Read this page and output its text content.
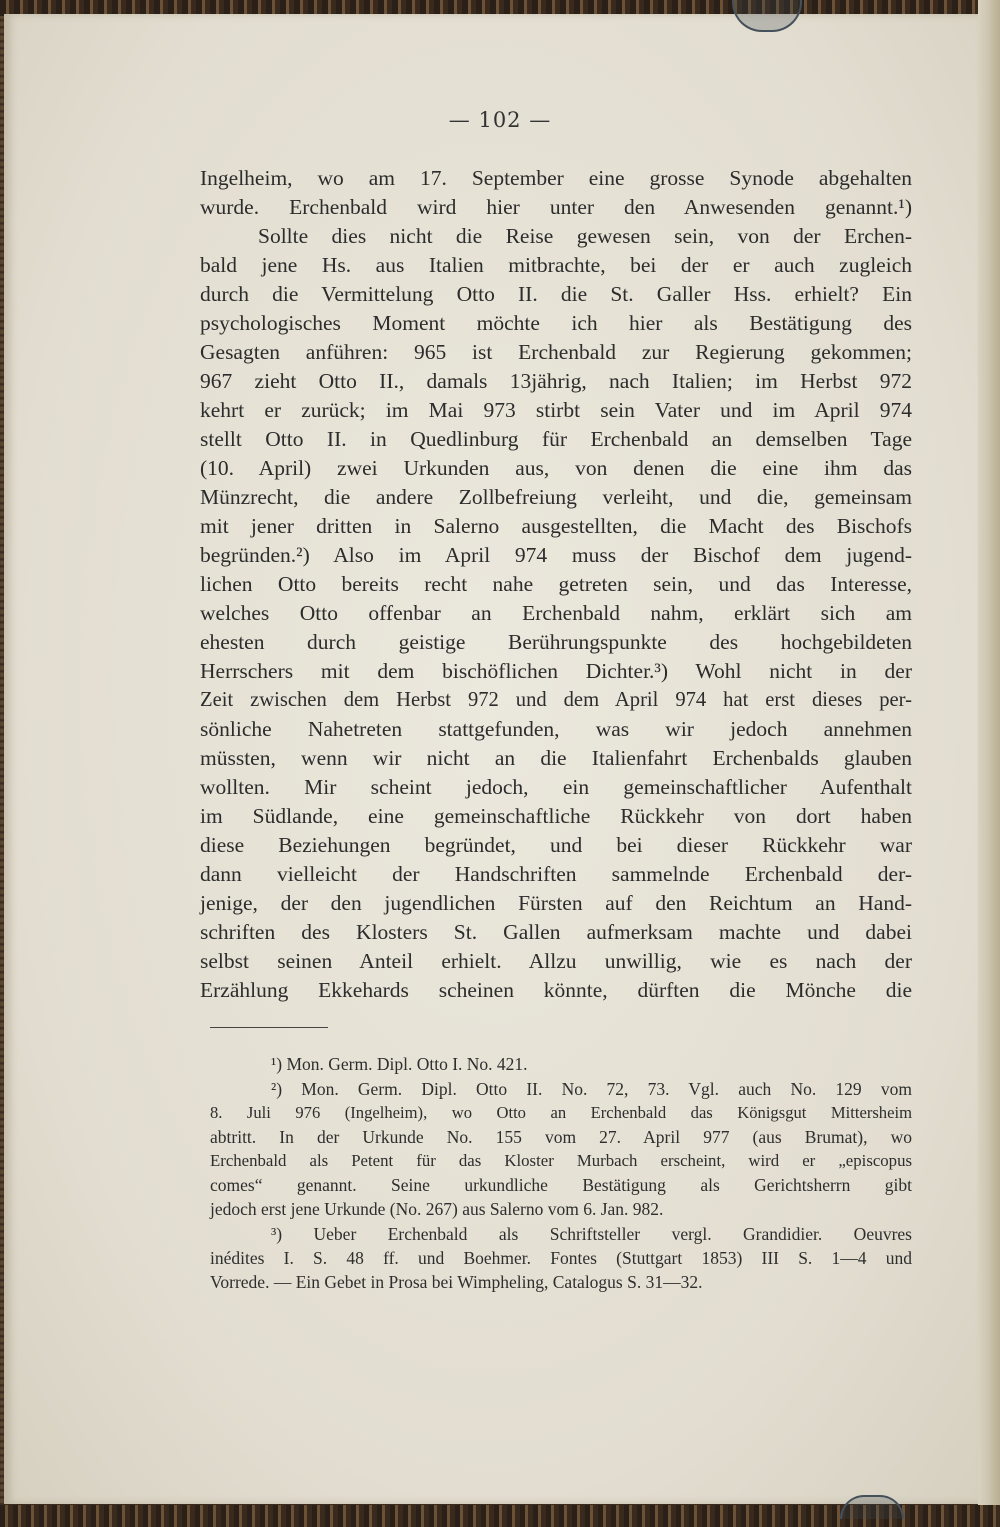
— 102 —
Ingelheim, wo am 17. September eine grosse Synode abgehalten
wurde. Erchenbald wird hier unter den Anwesenden genannt.¹)
Sollte dies nicht die Reise gewesen sein, von der Erchen-
bald jene Hs. aus Italien mitbrachte, bei der er auch zugleich
durch die Vermittelung Otto II. die St. Galler Hss. erhielt? Ein
psychologisches Moment möchte ich hier als Bestätigung des
Gesagten anführen: 965 ist Erchenbald zur Regierung gekommen;
967 zieht Otto II., damals 13jährig, nach Italien; im Herbst 972
kehrt er zurück; im Mai 973 stirbt sein Vater und im April 974
stellt Otto II. in Quedlinburg für Erchenbald an demselben Tage
(10. April) zwei Urkunden aus, von denen die eine ihm das
Münzrecht, die andere Zollbefreiung verleiht, und die, gemeinsam
mit jener dritten in Salerno ausgestellten, die Macht des Bischofs
begründen.²) Also im April 974 muss der Bischof dem jugend-
lichen Otto bereits recht nahe getreten sein, und das Interesse,
welches Otto offenbar an Erchenbald nahm, erklärt sich am
ehesten durch geistige Berührungspunkte des hochgebildeten
Herrschers mit dem bischöflichen Dichter.³) Wohl nicht in der
Zeit zwischen dem Herbst 972 und dem April 974 hat erst dieses per-
sönliche Nahetreten stattgefunden, was wir jedoch annehmen
müssten, wenn wir nicht an die Italienfahrt Erchenbalds glauben
wollten. Mir scheint jedoch, ein gemeinschaftlicher Aufenthalt
im Südlande, eine gemeinschaftliche Rückkehr von dort haben
diese Beziehungen begründet, und bei dieser Rückkehr war
dann vielleicht der Handschriften sammelnde Erchenbald der-
jenige, der den jugendlichen Fürsten auf den Reichtum an Hand-
schriften des Klosters St. Gallen aufmerksam machte und dabei
selbst seinen Anteil erhielt. Allzu unwillig, wie es nach der
Erzählung Ekkehards scheinen könnte, dürften die Mönche die
¹) Mon. Germ. Dipl. Otto I. No. 421.
²) Mon. Germ. Dipl. Otto II. No. 72, 73. Vgl. auch No. 129 vom
8. Juli 976 (Ingelheim), wo Otto an Erchenbald das Königsgut Mittersheim
abtritt. In der Urkunde No. 155 vom 27. April 977 (aus Brumat), wo
Erchenbald als Petent für das Kloster Murbach erscheint, wird er „episcopus
comes“ genannt. Seine urkundliche Bestätigung als Gerichtsherrn gibt
jedoch erst jene Urkunde (No. 267) aus Salerno vom 6. Jan. 982.
³) Ueber Erchenbald als Schriftsteller vergl. Grandidier. Oeuvres
inédites I. S. 48 ff. und Boehmer. Fontes (Stuttgart 1853) III S. 1—4 und
Vorrede. — Ein Gebet in Prosa bei Wimpheling, Catalogus S. 31—32.
